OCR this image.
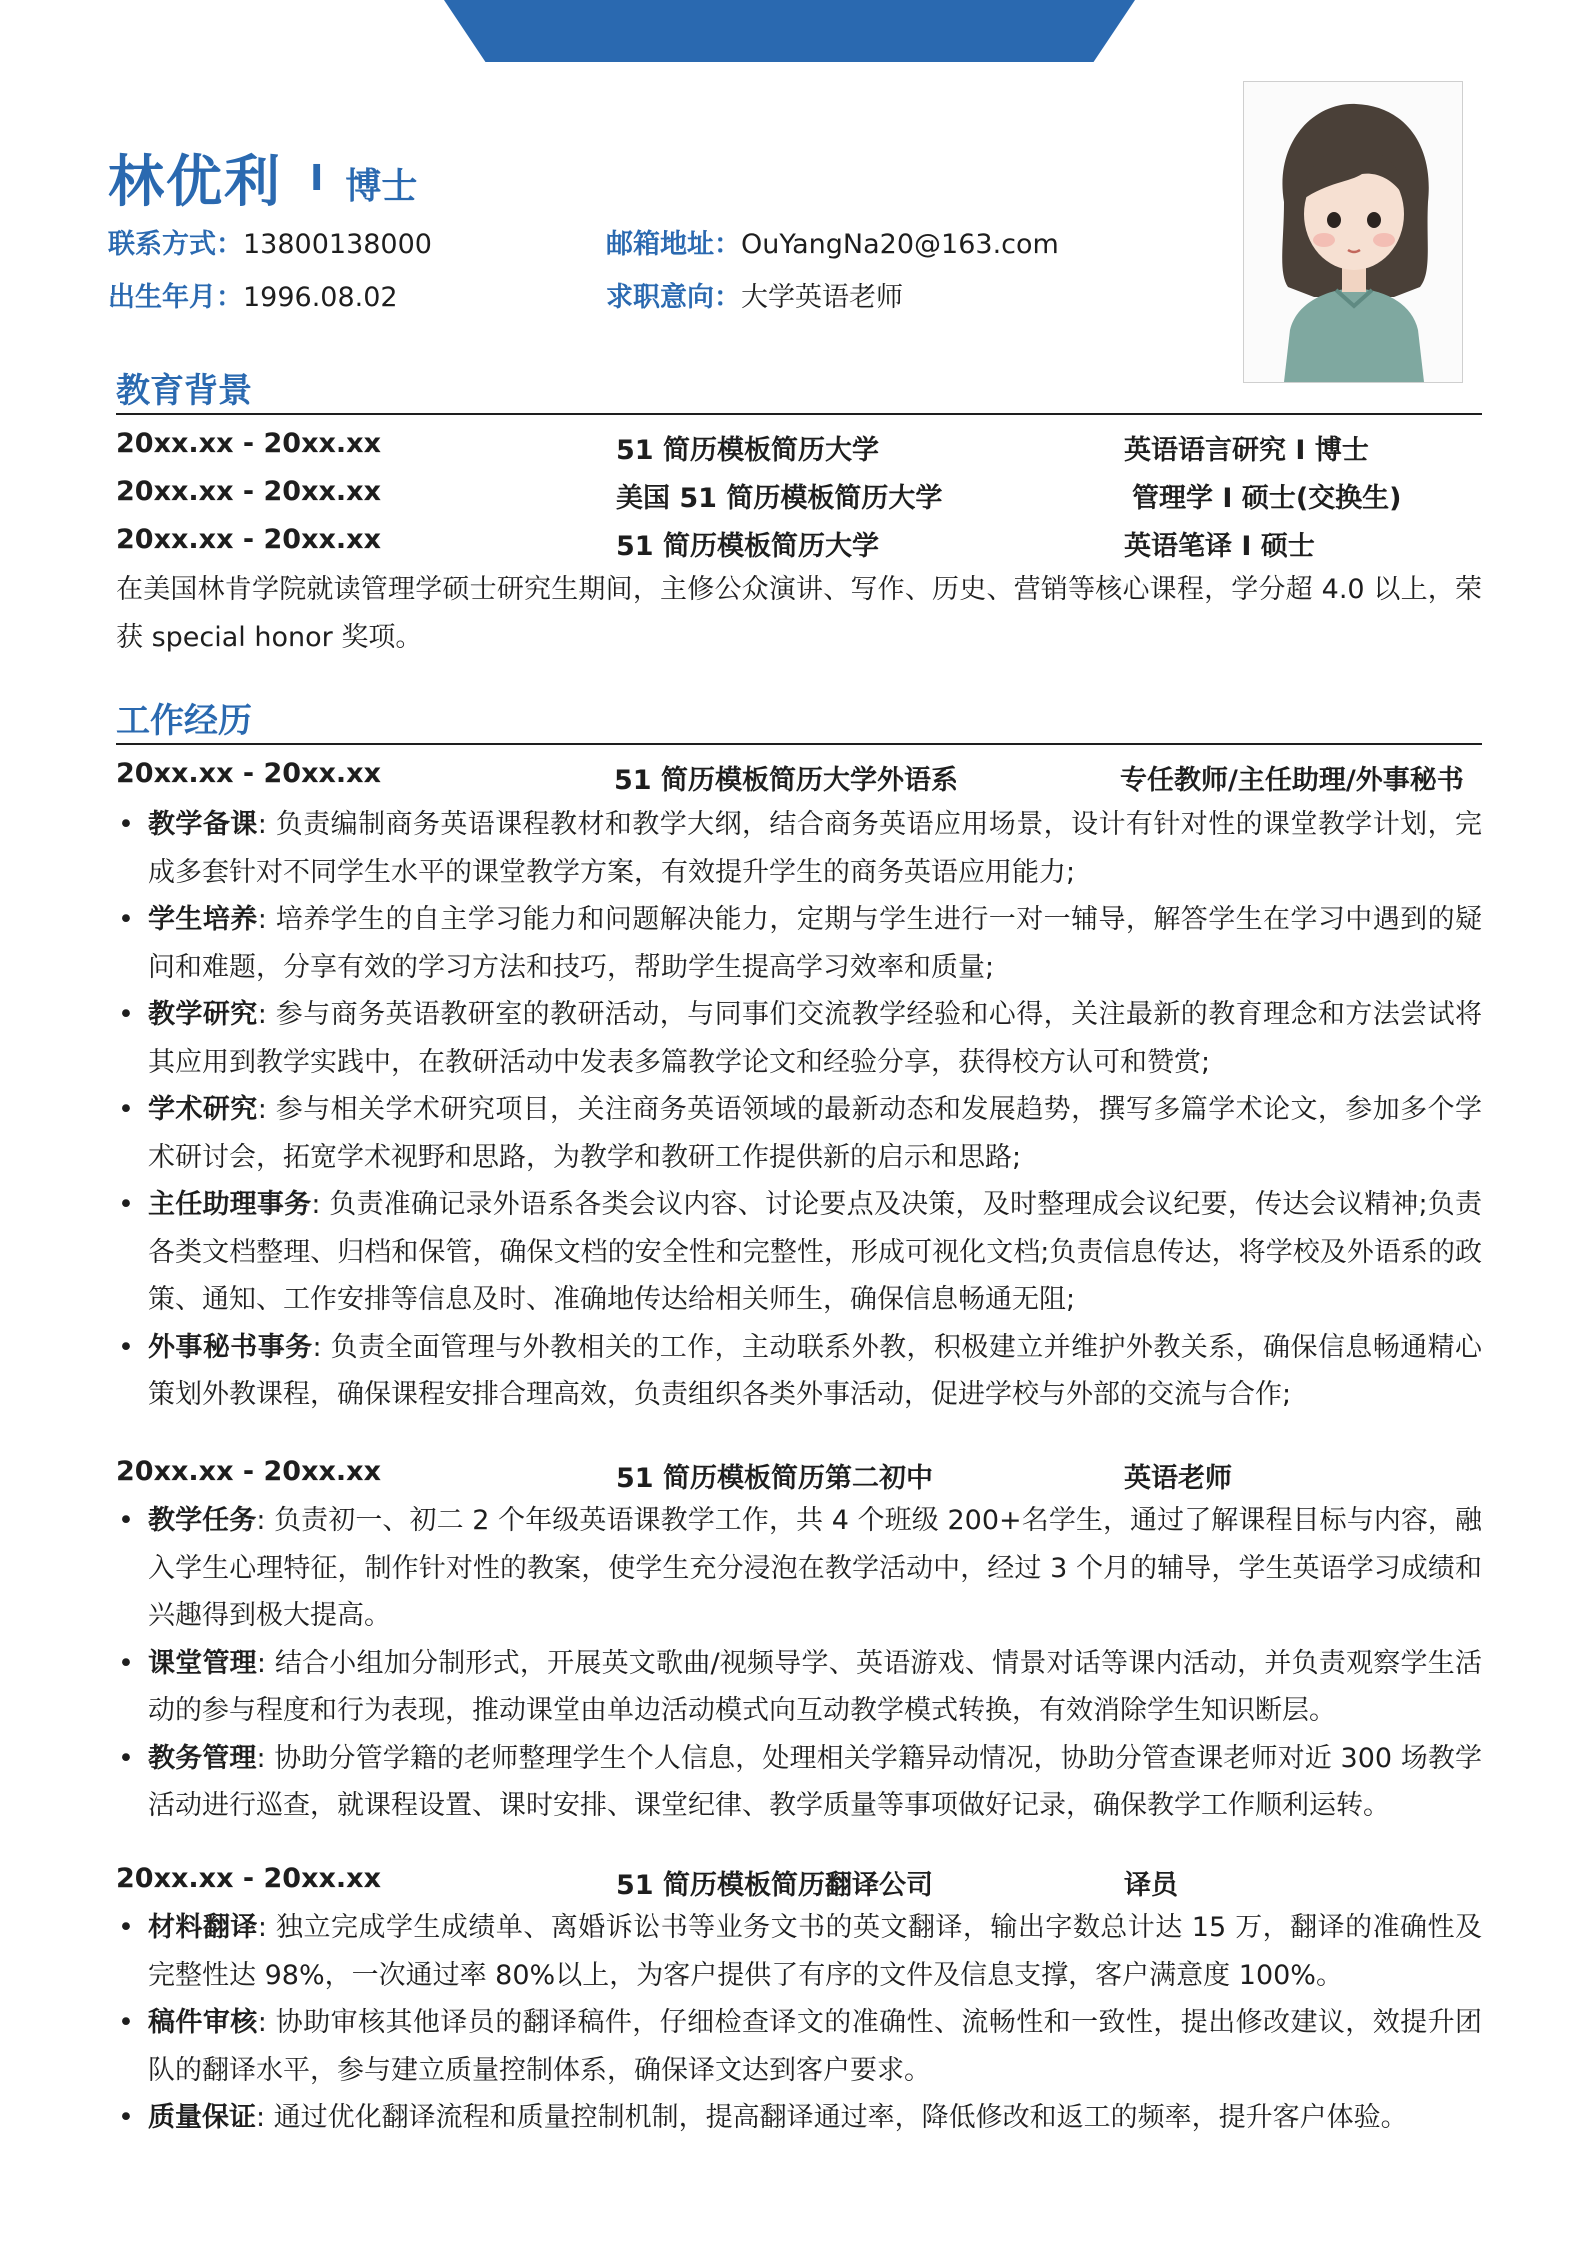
林优利 I 博士
联系方式：13800138000	邮箱地址：OuYangNa20@163.com
出生年月：1996.08.02	求职意向：大学英语老师
教育背景
20xx.xx - 20xx.xx	51 简历模板简历大学	英语语言研究 I 博士
20xx.xx - 20xx.xx	美国 51 简历模板简历大学	管理学 I 硕士(交换生)
20xx.xx - 20xx.xx	51 简历模板简历大学	英语笔译 I 硕士
在美国林肯学院就读管理学硕士研究生期间，主修公众演讲、写作、历史、营销等核心课程，学分超 4.0 以上，荣获 special honor 奖项。
工作经历
20xx.xx - 20xx.xx	51 简历模板简历大学外语系	专任教师/主任助理/外事秘书
• 教学备课: 负责编制商务英语课程教材和教学大纲，结合商务英语应用场景，设计有针对性的课堂教学计划，完成多套针对不同学生水平的课堂教学方案，有效提升学生的商务英语应用能力;
• 学生培养: 培养学生的自主学习能力和问题解决能力，定期与学生进行一对一辅导，解答学生在学习中遇到的疑问和难题，分享有效的学习方法和技巧，帮助学生提高学习效率和质量;
• 教学研究: 参与商务英语教研室的教研活动，与同事们交流教学经验和心得，关注最新的教育理念和方法尝试将其应用到教学实践中，在教研活动中发表多篇教学论文和经验分享，获得校方认可和赞赏;
• 学术研究: 参与相关学术研究项目，关注商务英语领域的最新动态和发展趋势，撰写多篇学术论文，参加多个学术研讨会，拓宽学术视野和思路，为教学和教研工作提供新的启示和思路;
• 主任助理事务: 负责准确记录外语系各类会议内容、讨论要点及决策，及时整理成会议纪要，传达会议精神;负责各类文档整理、归档和保管，确保文档的安全性和完整性，形成可视化文档;负责信息传达，将学校及外语系的政策、通知、工作安排等信息及时、准确地传达给相关师生，确保信息畅通无阻;
• 外事秘书事务: 负责全面管理与外教相关的工作，主动联系外教，积极建立并维护外教关系，确保信息畅通精心策划外教课程，确保课程安排合理高效，负责组织各类外事活动，促进学校与外部的交流与合作;
20xx.xx - 20xx.xx	51 简历模板简历第二初中	英语老师
• 教学任务: 负责初一、初二 2 个年级英语课教学工作，共 4 个班级 200+名学生，通过了解课程目标与内容，融入学生心理特征，制作针对性的教案，使学生充分浸泡在教学活动中，经过 3 个月的辅导，学生英语学习成绩和兴趣得到极大提高。
• 课堂管理: 结合小组加分制形式，开展英文歌曲/视频导学、英语游戏、情景对话等课内活动，并负责观察学生活动的参与程度和行为表现，推动课堂由单边活动模式向互动教学模式转换，有效消除学生知识断层。
• 教务管理: 协助分管学籍的老师整理学生个人信息，处理相关学籍异动情况，协助分管查课老师对近 300 场教学活动进行巡查，就课程设置、课时安排、课堂纪律、教学质量等事项做好记录，确保教学工作顺利运转。
20xx.xx - 20xx.xx	51 简历模板简历翻译公司	译员
• 材料翻译: 独立完成学生成绩单、离婚诉讼书等业务文书的英文翻译，输出字数总计达 15 万，翻译的准确性及完整性达 98%，一次通过率 80%以上，为客户提供了有序的文件及信息支撑，客户满意度 100%。
• 稿件审核: 协助审核其他译员的翻译稿件，仔细检查译文的准确性、流畅性和一致性，提出修改建议，效提升团队的翻译水平，参与建立质量控制体系，确保译文达到客户要求。
• 质量保证: 通过优化翻译流程和质量控制机制，提高翻译通过率，降低修改和返工的频率，提升客户体验。
